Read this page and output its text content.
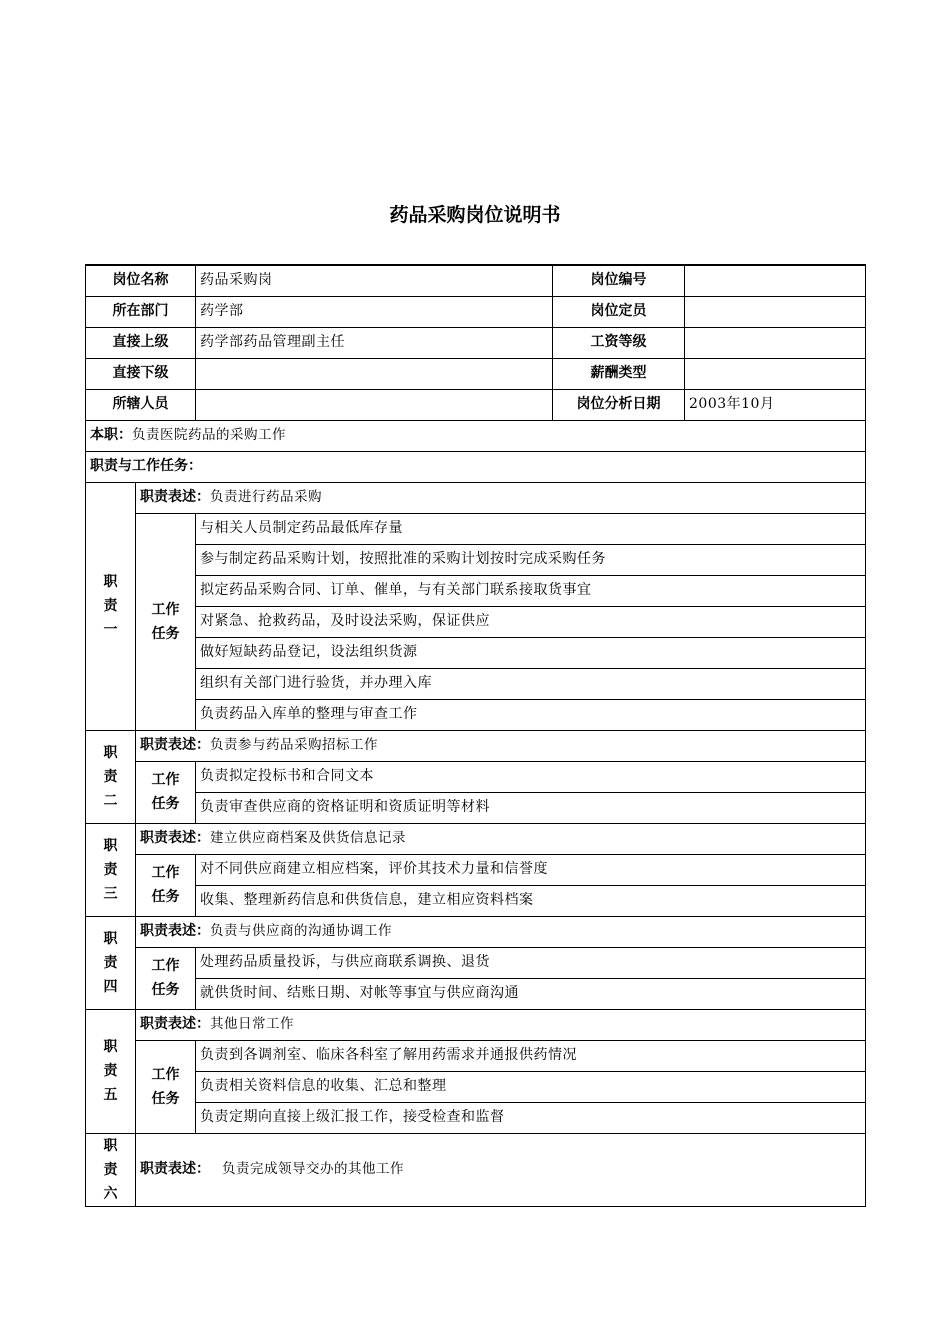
药品采购岗位说明书
岗位名称		药品采购岗	岗位编号	
所在部门		药学部	岗位定员	
直接上级		药学部药品管理副主任	工资等级	
直接下级			薪酬类型	
所辖人员			岗位分析日期	2003年10月
本职：负责医院药品的采购工作				
职责与工作任务：				

职
责
一	职责表述：负责进行药品采购			

	工作
任务	与相关人员制定药品最低库存量		
		参与制定药品采购计划，按照批准的采购计划按时完成采购任务		
		拟定药品采购合同、订单、催单，与有关部门联系接取货事宜		
		对紧急、抢救药品，及时设法采购，保证供应		
		做好短缺药品登记，设法组织货源		
		组织有关部门进行验货，并办理入库		
		负责药品入库单的整理与审查工作		

职
责
二	职责表述：负责参与药品采购招标工作			

	工作
任务	负责拟定投标书和合同文本		
		负责审查供应商的资格证明和资质证明等材料		

职
责
三	职责表述：建立供应商档案及供货信息记录			

	工作
任务	对不同供应商建立相应档案，评价其技术力量和信誉度		
		收集、整理新药信息和供货信息，建立相应资料档案		

职
责
四	职责表述：负责与供应商的沟通协调工作			

	工作
任务	处理药品质量投诉，与供应商联系调换、退货		
		就供货时间、结账日期、对帐等事宜与供应商沟通		

职
责
五	职责表述：其他日常工作			

	工作
任务	负责到各调剂室、临床各科室了解用药需求并通报供药情况		
		负责相关资料信息的收集、汇总和整理		
		负责定期向直接上级汇报工作，接受检查和监督		

职
责
六	职责表述： 负责完成领导交办的其他工作			
